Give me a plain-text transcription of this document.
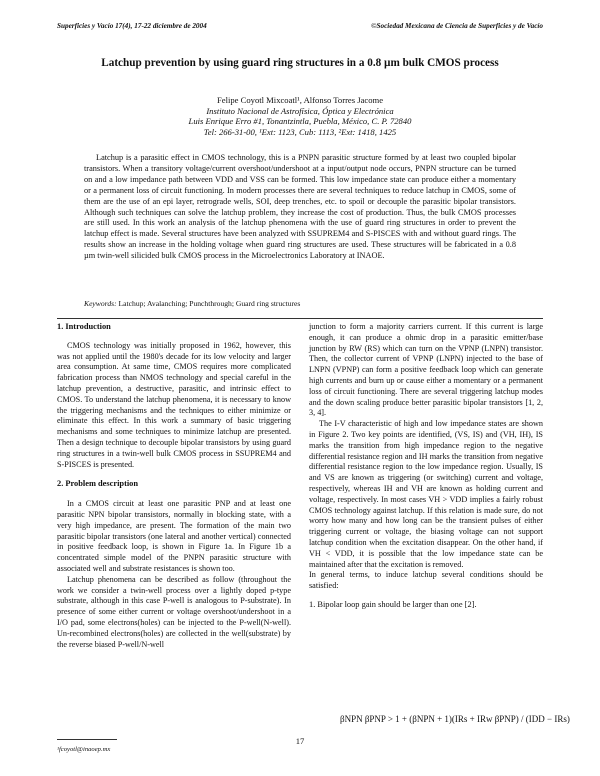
Superficies y Vacío 17(4), 17-22 diciembre de 2004	©Sociedad Mexicana de Ciencia de Superficies y de Vacío
Latchup prevention by using guard ring structures in a 0.8 µm bulk CMOS process
Felipe Coyotl Mixcoatl¹, Alfonso Torres Jacome
Instituto Nacional de Astrofísica, Óptica y Electrónica
Luis Enrique Erro #1, Tonantzintla, Puebla, México, C. P. 72840
Tel: 266-31-00, ¹Ext: 1123, Cub: 1113, ²Ext: 1418, 1425
Latchup is a parasitic effect in CMOS technology, this is a PNPN parasitic structure formed by at least two coupled bipolar transistors. When a transitory voltage/current overshoot/undershoot at a input/output node occurs, PNPN structure can be turned on and a low impedance path between VDD and VSS can be formed. This low impedance state can produce either a momentary or a permanent loss of circuit functioning. In modern processes there are several techniques to reduce latchup in CMOS, some of them are the use of an epi layer, retrograde wells, SOI, deep trenches, etc. to spoil or decouple the parasitic bipolar transistors. Although such techniques can solve the latchup problem, they increase the cost of production. Thus, the bulk CMOS processes are still used. In this work an analysis of the latchup phenomena with the use of guard ring structures in order to prevent the latchup effect is made. Several structures have been analyzed with SSUPREM4 and S-PISCES with and without guard rings. The results show an increase in the holding voltage when guard ring structures are used. These structures will be fabricated in a 0.8 µm twin-well silicided bulk CMOS process in the Microelectronics Laboratory at INAOE.
Keywords: Latchup; Avalanching; Punchthrough; Guard ring structures
1. Introduction
CMOS technology was initially proposed in 1962, however, this was not applied until the 1980's decade for its low velocity and larger area consumption. At same time, CMOS requires more complicated fabrication process than NMOS technology and special careful in the latchup prevention, a destructive, parasitic, and intrinsic effect to CMOS. To understand the latchup phenomena, it is necessary to know the triggering mechanisms and the techniques to either minimize or eliminate this effect. In this work a summary of basic triggering mechanisms and some techniques to minimize latchup are presented. Then a design technique to decouple bipolar transistors by using guard ring structures in a twin-well bulk CMOS process in SSUPREM4 and S-PISCES is presented.
2. Problem description
In a CMOS circuit at least one parasitic PNP and at least one parasitic NPN bipolar transistors, normally in blocking state, with a very high impedance, are present. The formation of the main two parasitic bipolar transistors (one lateral and another vertical) connected in positive feedback loop, is shown in Figure 1a. In Figure 1b a concentrated simple model of the PNPN parasitic structure with associated well and substrate resistances is shown too.
Latchup phenomena can be described as follow (throughout the work we consider a twin-well process over a lightly doped p-type substrate, although in this case P-well is analogous to P-substrate). In presence of some either current or voltage overshoot/undershoot in a I/O pad, some electrons(holes) can be injected to the P-well(N-well). Un-recombined electrons(holes) are collected in the well(substrate) by the reverse biased P-well/N-well
junction to form a majority carriers current. If this current is large enough, it can produce a ohmic drop in a parasitic emitter/base junction by RW (RS) which can turn on the VPNP (LNPN) transistor. Then, the collector current of VPNP (LNPN) injected to the base of LNPN (VPNP) can form a positive feedback loop which can generate high currents and burn up or cause either a momentary or a permanent loss of circuit functioning. There are several triggering latchup modes and the down scaling produce better parasitic bipolar transistors [1, 2, 3, 4].
The I-V characteristic of high and low impedance states are shown in Figure 2. Two key points are identified, (VS, IS) and (VH, IH), IS marks the transition from high impedance region to the negative differential resistance region and IH marks the transition from negative differential resistance region to the low impedance region. Usually, IS and VS are known as triggering (or switching) current and voltage, respectively, whereas IH and VH are known as holding current and voltage, respectively. In most cases VH > VDD implies a fairly robust CMOS technology against latchup. If this relation is made sure, do not worry how many and how long can be the transient pulses of either triggering current or voltage, the biasing voltage can not support latchup condition when the excitation disappear. On the other hand, if VH < VDD, it is possible that the low impedance state can be maintained after that the excitation is removed.
In general terms, to induce latchup several conditions should be satisfied:
1. Bipolar loop gain should be larger than one [2].
βNPN βPNP > 1 + (βNPN + 1)(IRs + IRw βPNP) / (IDD − IRs)
17
¹fcoyotl@inaoep.mx
